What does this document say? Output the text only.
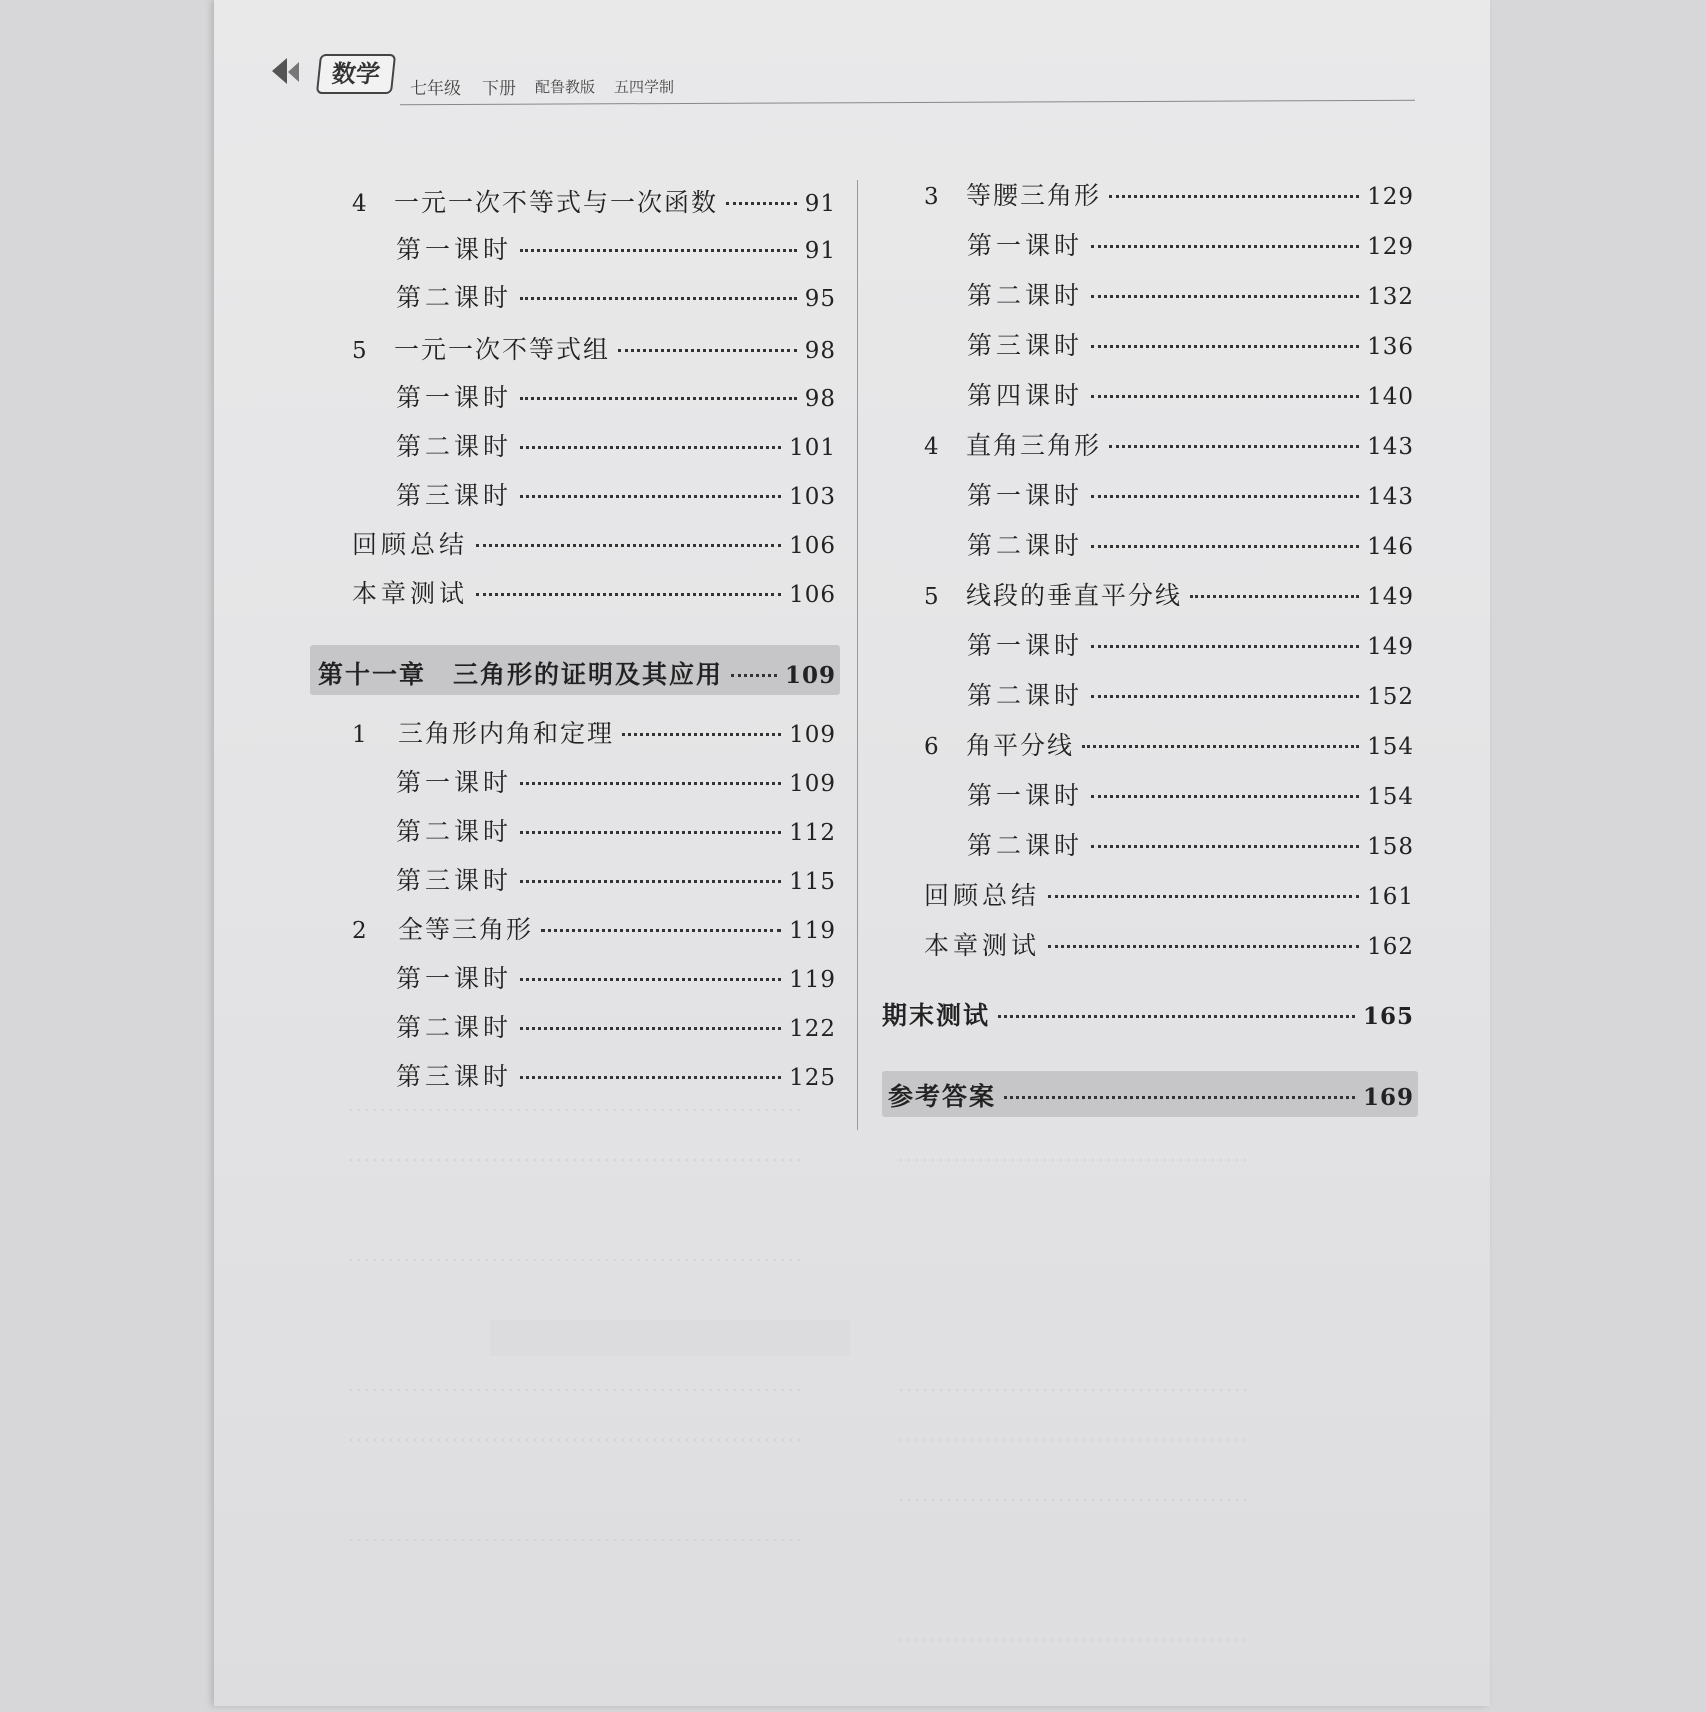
数学
七年级 下册 配鲁教版 五四学制
4	一元一次不等式与一次函数	91
第一课时	91
第二课时	95
5	一元一次不等式组	98
第一课时	98
第二课时	101
第三课时	103
回顾总结	106
本章测试	106
第十一章　三角形的证明及其应用	109
1	三角形内角和定理	109
第一课时	109
第二课时	112
第三课时	115
2	全等三角形	119
第一课时	119
第二课时	122
第三课时	125
3	等腰三角形	129
第一课时	129
第二课时	132
第三课时	136
第四课时	140
4	直角三角形	143
第一课时	143
第二课时	146
5	线段的垂直平分线	149
第一课时	149
第二课时	152
6	角平分线	154
第一课时	154
第二课时	158
回顾总结	161
本章测试	162
期末测试	165
参考答案	169
